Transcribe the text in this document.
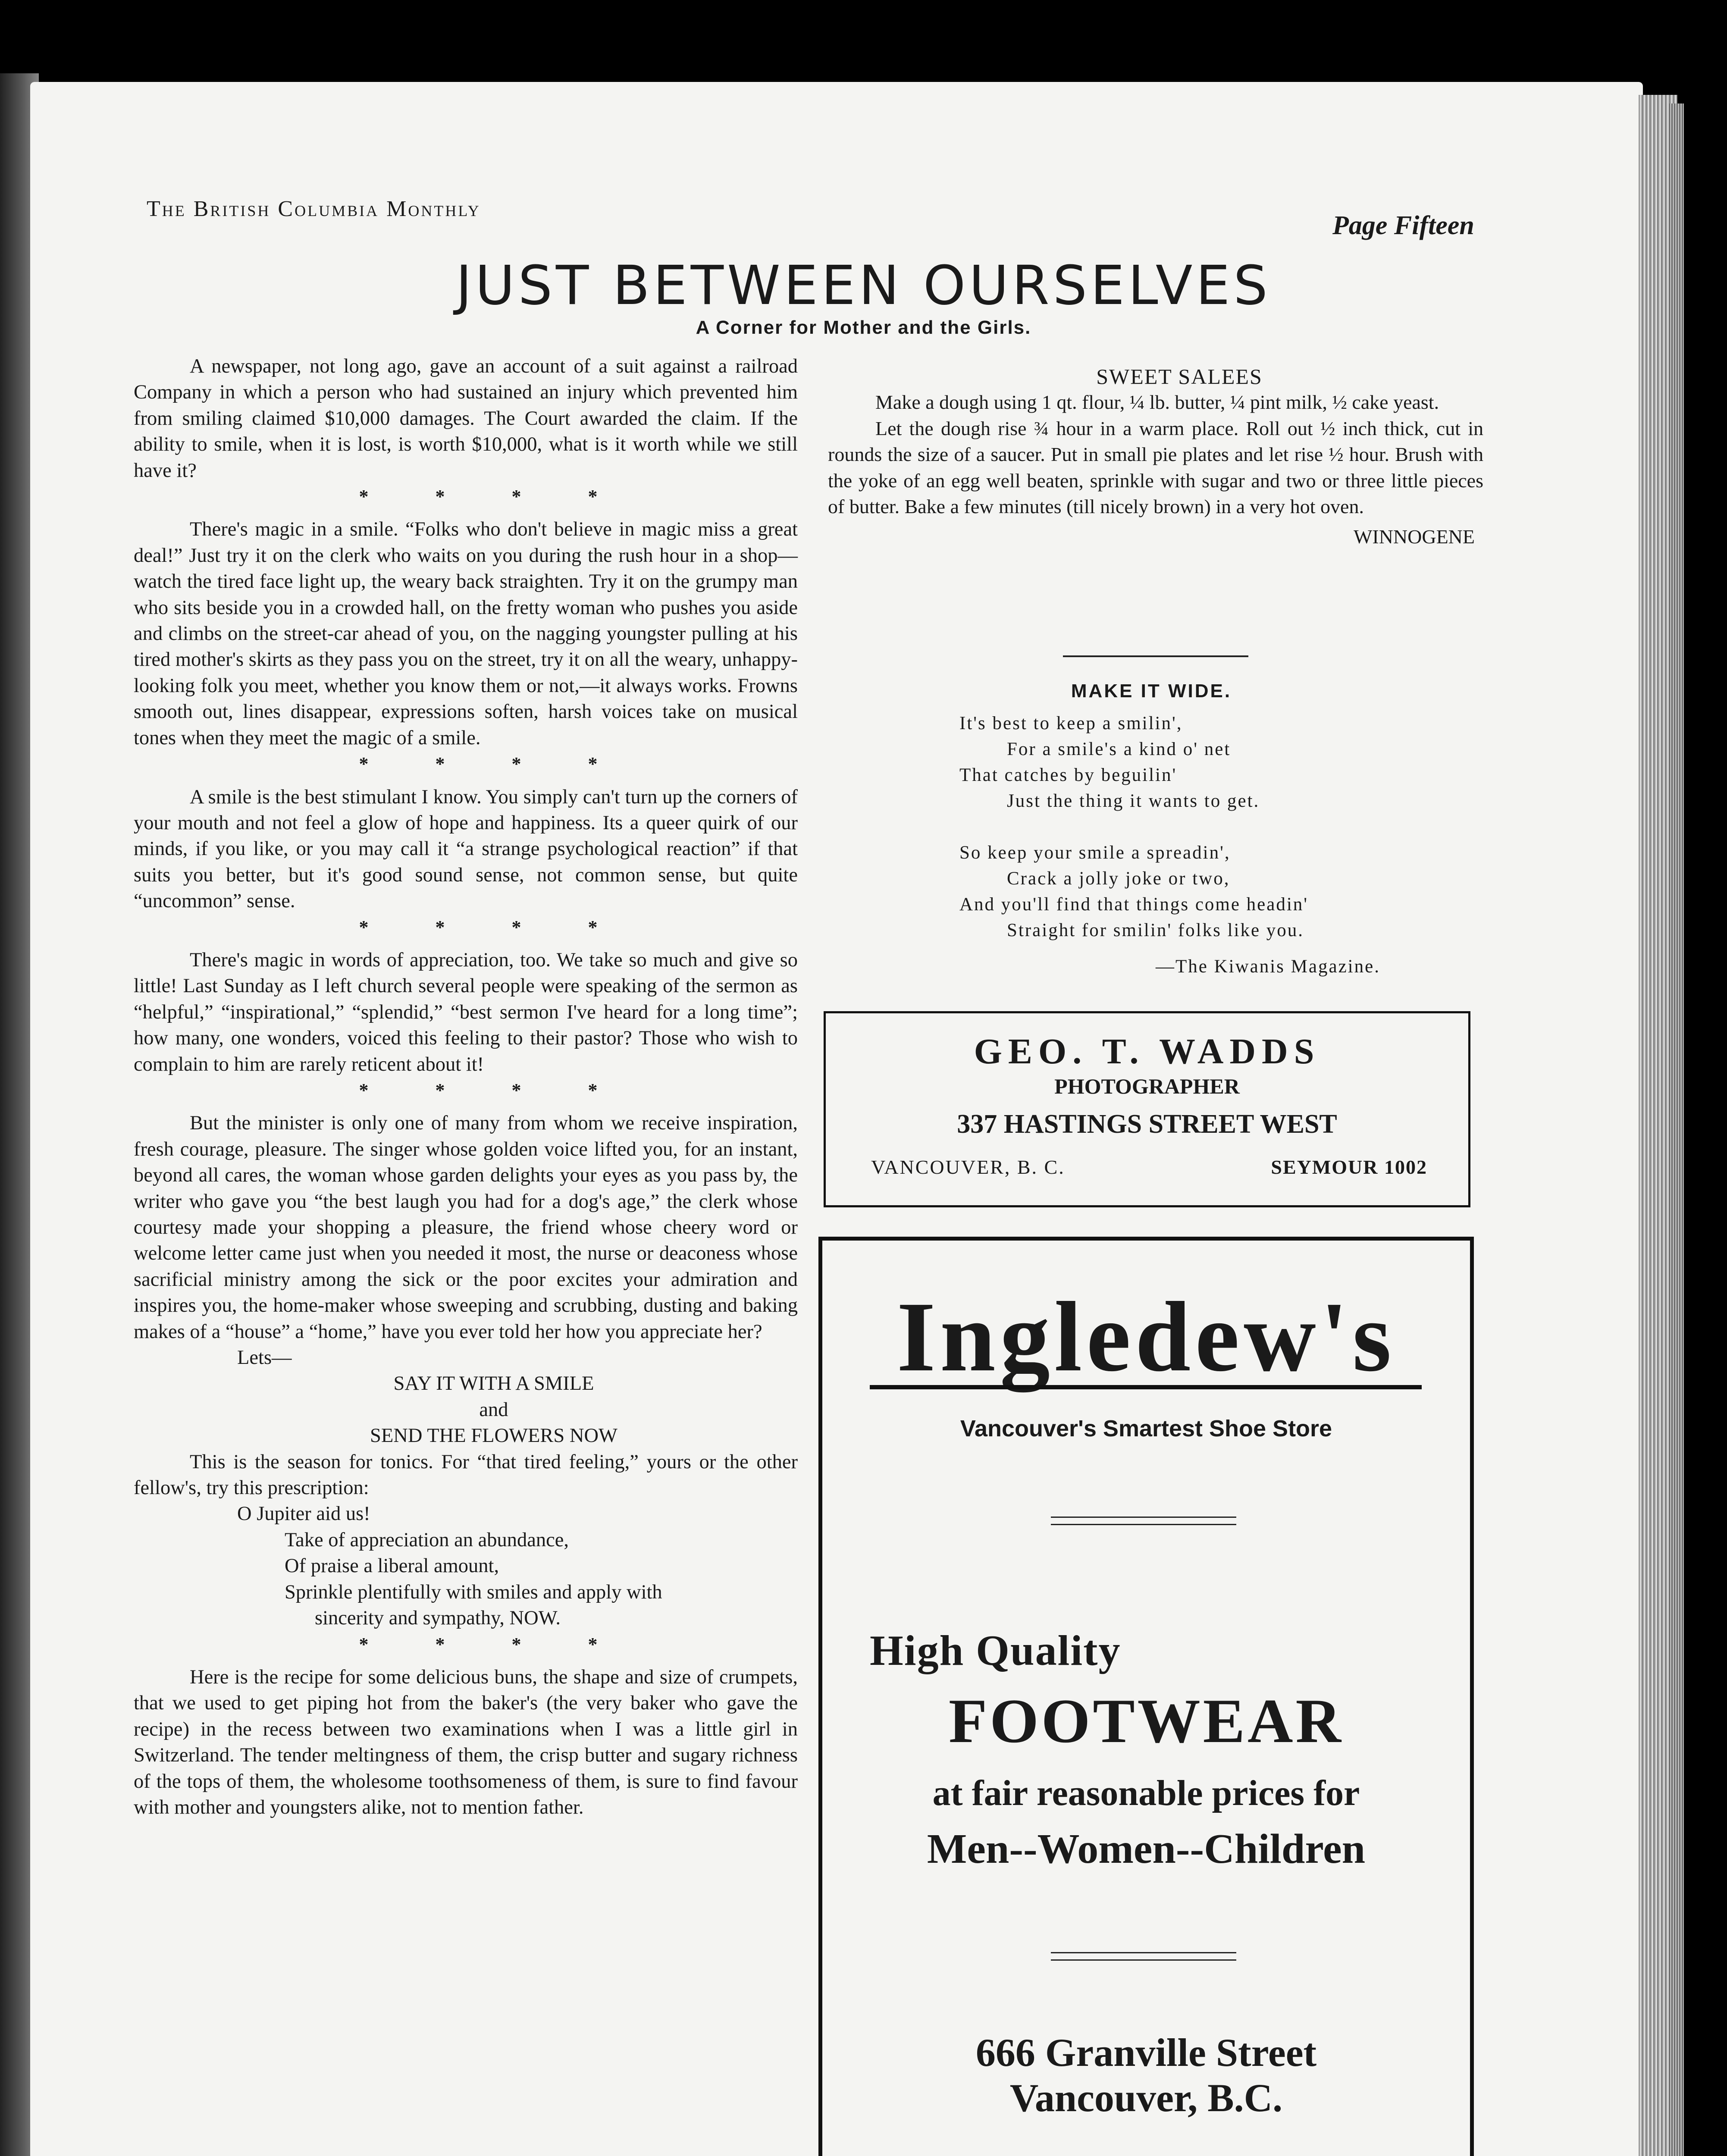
The British Columbia Monthly
Page Fifteen
JUST BETWEEN OURSELVES
A Corner for Mother and the Girls.

A newspaper, not long ago, gave an account of a suit against a railroad Company in which a person who had sustained an injury which prevented him from smiling claimed $10,000 damages. The Court awarded the claim. If the ability to smile, when it is lost, is worth $10,000, what is it worth while we still have it?

* * * *

There's magic in a smile. “Folks who don't believe in magic miss a great deal!” Just try it on the clerk who waits on you during the rush hour in a shop—watch the tired face light up, the weary back straighten. Try it on the grumpy man who sits beside you in a crowded hall, on the fretty woman who pushes you aside and climbs on the street-car ahead of you, on the nagging youngster pulling at his tired mother's skirts as they pass you on the street, try it on all the weary, unhappy-looking folk you meet, whether you know them or not,—it always works. Frowns smooth out, lines disappear, expressions soften, harsh voices take on musical tones when they meet the magic of a smile.

* * * *

A smile is the best stimulant I know. You simply can't turn up the corners of your mouth and not feel a glow of hope and happiness. Its a queer quirk of our minds, if you like, or you may call it “a strange psychological reaction” if that suits you better, but it's good sound sense, not common sense, but quite “uncommon” sense.

* * * *

There's magic in words of appreciation, too. We take so much and give so little! Last Sunday as I left church several people were speaking of the sermon as “helpful,” “inspirational,” “splendid,” “best sermon I've heard for a long time”; how many, one wonders, voiced this feeling to their pastor? Those who wish to complain to him are rarely reticent about it!

* * * *

But the minister is only one of many from whom we receive inspiration, fresh courage, pleasure. The singer whose golden voice lifted you, for an instant, beyond all cares, the woman whose garden delights your eyes as you pass by, the writer who gave you “the best laugh you had for a dog's age,” the clerk whose courtesy made your shopping a pleasure, the friend whose cheery word or welcome letter came just when you needed it most, the nurse or deaconess whose sacrificial ministry among the sick or the poor excites your admiration and inspires you, the home-maker whose sweeping and scrubbing, dusting and baking makes of a “house” a “home,” have you ever told her how you appreciate her?

Lets—

SAY IT WITH A SMILE

and

SEND THE FLOWERS NOW

This is the season for tonics. For “that tired feeling,” yours or the other fellow's, try this prescription:

O Jupiter aid us!

Take of appreciation an abundance,

Of praise a liberal amount,

Sprinkle plentifully with smiles and apply with

sincerity and sympathy, NOW.

* * * *

Here is the recipe for some delicious buns, the shape and size of crumpets, that we used to get piping hot from the baker's (the very baker who gave the recipe) in the recess between two examinations when I was a little girl in Switzerland. The tender meltingness of them, the crisp butter and sugary richness of the tops of them, the wholesome toothsomeness of them, is sure to find favour with mother and youngsters alike, not to mention father.

SWEET SALEES

Make a dough using 1 qt. flour, ¼ lb. butter, ¼ pint milk, ½ cake yeast.

Let the dough rise ¾ hour in a warm place. Roll out ½ inch thick, cut in rounds the size of a saucer. Put in small pie plates and let rise ½ hour. Brush with the yoke of an egg well beaten, sprinkle with sugar and two or three little pieces of butter. Bake a few minutes (till nicely brown) in a very hot oven.

WINNOGENE

MAKE IT WIDE.
It's best to keep a smilin',
For a smile's a kind o' net
That catches by beguilin'
Just the thing it wants to get.
So keep your smile a spreadin',
Crack a jolly joke or two,
And you'll find that things come headin'
Straight for smilin' folks like you.
—The Kiwanis Magazine.
GEO. T. WADDS
PHOTOGRAPHER
337 HASTINGS STREET WEST
VANCOUVER, B. C.	SEYMOUR 1002
Ingledew's
Vancouver's Smartest Shoe Store
High Quality
FOOTWEAR
at fair reasonable prices for
Men--Women--Children
666 Granville Street
Vancouver, B.C.
